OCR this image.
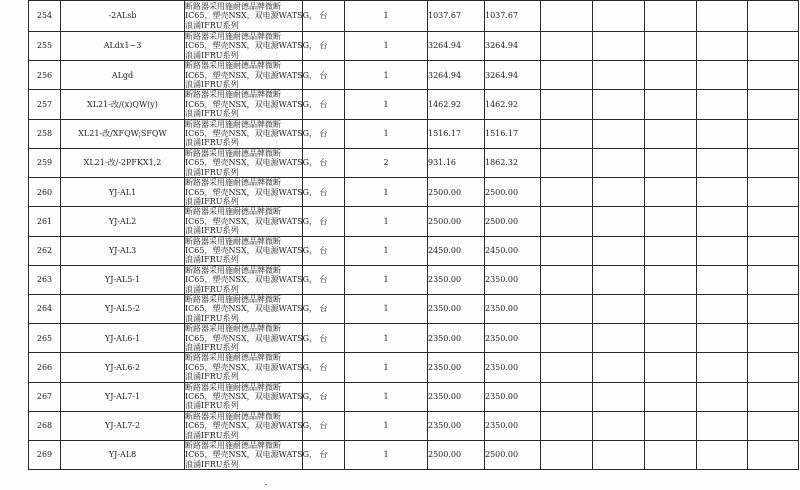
254	-2ALsb	断路器采用施耐德品牌微断
IC65，塑壳NSX，双电源WATSG，
浪涌IFRU系列	台	1	1037.67	1037.67					
255	ALdx1~3	断路器采用施耐德品牌微断
IC65，塑壳NSX，双电源WATSG，
浪涌IFRU系列	台	1	3264.94	3264.94					
256	ALgd	断路器采用施耐德品牌微断
IC65，塑壳NSX，双电源WATSG，
浪涌IFRU系列	台	1	3264.94	3264.94					
257	XL21-改/(x)QW(y)	断路器采用施耐德品牌微断
IC65，塑壳NSX，双电源WATSG，
浪涌IFRU系列	台	1	1462.92	1462.92					
258	XL21-改/XFQW;SFQW	断路器采用施耐德品牌微断
IC65，塑壳NSX，双电源WATSG，
浪涌IFRU系列	台	1	1516.17	1516.17					
259	XL21-改/-2PFKX1,2	断路器采用施耐德品牌微断
IC65，塑壳NSX，双电源WATSG，
浪涌IFRU系列	台	2	931.16	1862.32					
260	YJ-AL1	断路器采用施耐德品牌微断
IC65，塑壳NSX，双电源WATSG，
浪涌IFRU系列	台	1	2500.00	2500.00					
261	YJ-AL2	断路器采用施耐德品牌微断
IC65，塑壳NSX，双电源WATSG，
浪涌IFRU系列	台	1	2500.00	2500.00					
262	YJ-AL3	断路器采用施耐德品牌微断
IC65，塑壳NSX，双电源WATSG，
浪涌IFRU系列	台	1	2450.00	2450.00					
263	YJ-AL5-1	断路器采用施耐德品牌微断
IC65，塑壳NSX，双电源WATSG，
浪涌IFRU系列	台	1	2350.00	2350.00					
264	YJ-AL5-2	断路器采用施耐德品牌微断
IC65，塑壳NSX，双电源WATSG，
浪涌IFRU系列	台	1	2350.00	2350.00					
265	YJ-AL6-1	断路器采用施耐德品牌微断
IC65，塑壳NSX，双电源WATSG，
浪涌IFRU系列	台	1	2350.00	2350.00					
266	YJ-AL6-2	断路器采用施耐德品牌微断
IC65，塑壳NSX，双电源WATSG，
浪涌IFRU系列	台	1	2350.00	2350.00					
267	YJ-AL7-1	断路器采用施耐德品牌微断
IC65，塑壳NSX，双电源WATSG，
浪涌IFRU系列	台	1	2350.00	2350.00					
268	YJ-AL7-2	断路器采用施耐德品牌微断
IC65，塑壳NSX，双电源WATSG，
浪涌IFRU系列	台	1	2350.00	2350.00					
269	YJ-AL8	断路器采用施耐德品牌微断
IC65，塑壳NSX，双电源WATSG，
浪涌IFRU系列	台	1	2500.00	2500.00					
